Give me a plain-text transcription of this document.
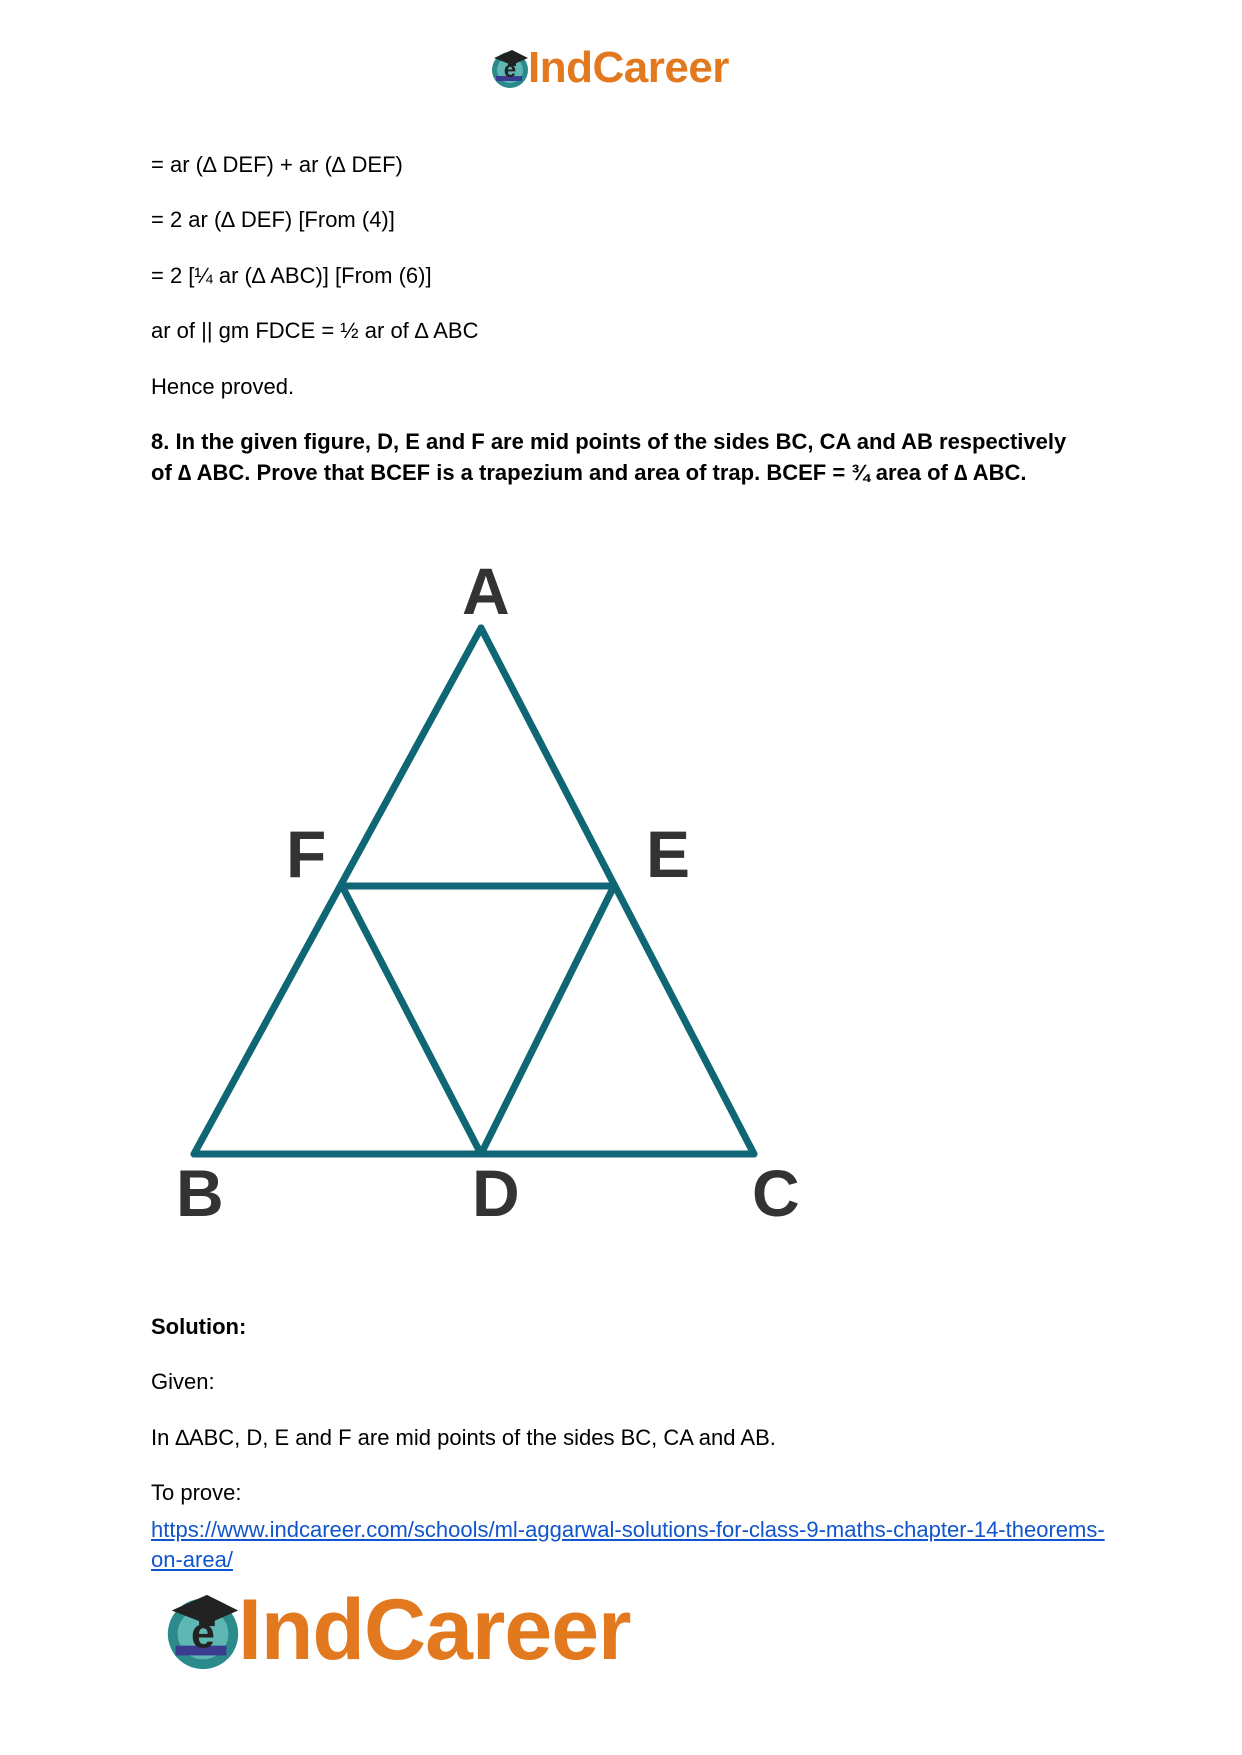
e IndCareer
= ar (∆ DEF) + ar (∆ DEF)
= 2 ar (∆ DEF) [From (4)]
= 2 [¼ ar (∆ ABC)] [From (6)]
ar of || gm FDCE = ½ ar of ∆ ABC
Hence proved.
8. In the given figure, D, E and F are mid points of the sides BC, CA and AB respectively of ∆ ABC. Prove that BCEF is a trapezium and area of trap. BCEF = ¾ area of ∆ ABC.
A
F	E
B	D	C
Solution:
Given:
In ∆ABC, D, E and F are mid points of the sides BC, CA and AB.
To prove:
https://www.indcareer.com/schools/ml-aggarwal-solutions-for-class-9-maths-chapter-14-theorems-on-area/
e IndCareer
